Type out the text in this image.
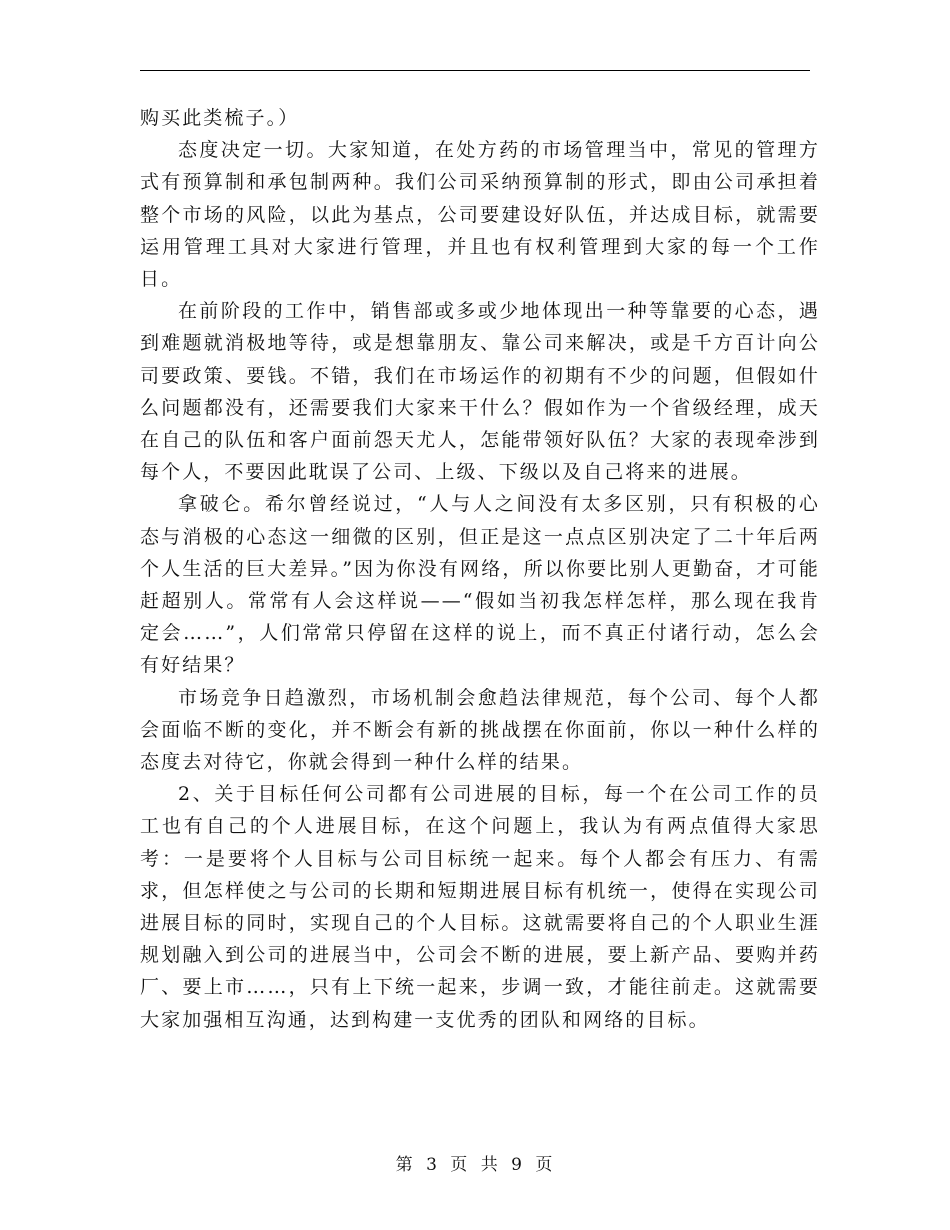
购买此类梳子。）

态度决定一切。大家知道，在处方药的市场管理当中，常见的管理方式有预算制和承包制两种。我们公司采纳预算制的形式，即由公司承担着整个市场的风险，以此为基点，公司要建设好队伍，并达成目标，就需要运用管理工具对大家进行管理，并且也有权利管理到大家的每一个工作日。

在前阶段的工作中，销售部或多或少地体现出一种等靠要的心态，遇到难题就消极地等待，或是想靠朋友、靠公司来解决，或是千方百计向公司要政策、要钱。不错，我们在市场运作的初期有不少的问题，但假如什么问题都没有，还需要我们大家来干什么？假如作为一个省级经理，成天在自己的队伍和客户面前怨天尤人，怎能带领好队伍？大家的表现牵涉到每个人，不要因此耽误了公司、上级、下级以及自己将来的进展。

拿破仑。希尔曾经说过，“人与人之间没有太多区别，只有积极的心态与消极的心态这一细微的区别，但正是这一点点区别决定了二十年后两个人生活的巨大差异。”因为你没有网络，所以你要比别人更勤奋，才可能赶超别人。常常有人会这样说——“假如当初我怎样怎样，那么现在我肯定会……”，人们常常只停留在这样的说上，而不真正付诸行动，怎么会有好结果？

市场竞争日趋激烈，市场机制会愈趋法律规范，每个公司、每个人都会面临不断的变化，并不断会有新的挑战摆在你面前，你以一种什么样的态度去对待它，你就会得到一种什么样的结果。

2、关于目标任何公司都有公司进展的目标，每一个在公司工作的员工也有自己的个人进展目标，在这个问题上，我认为有两点值得大家思考：一是要将个人目标与公司目标统一起来。每个人都会有压力、有需求，但怎样使之与公司的长期和短期进展目标有机统一，使得在实现公司进展目标的同时，实现自己的个人目标。这就需要将自己的个人职业生涯规划融入到公司的进展当中，公司会不断的进展，要上新产品、要购并药厂、要上市……，只有上下统一起来，步调一致，才能往前走。这就需要大家加强相互沟通，达到构建一支优秀的团队和网络的目标。

第 3 页 共 9 页
